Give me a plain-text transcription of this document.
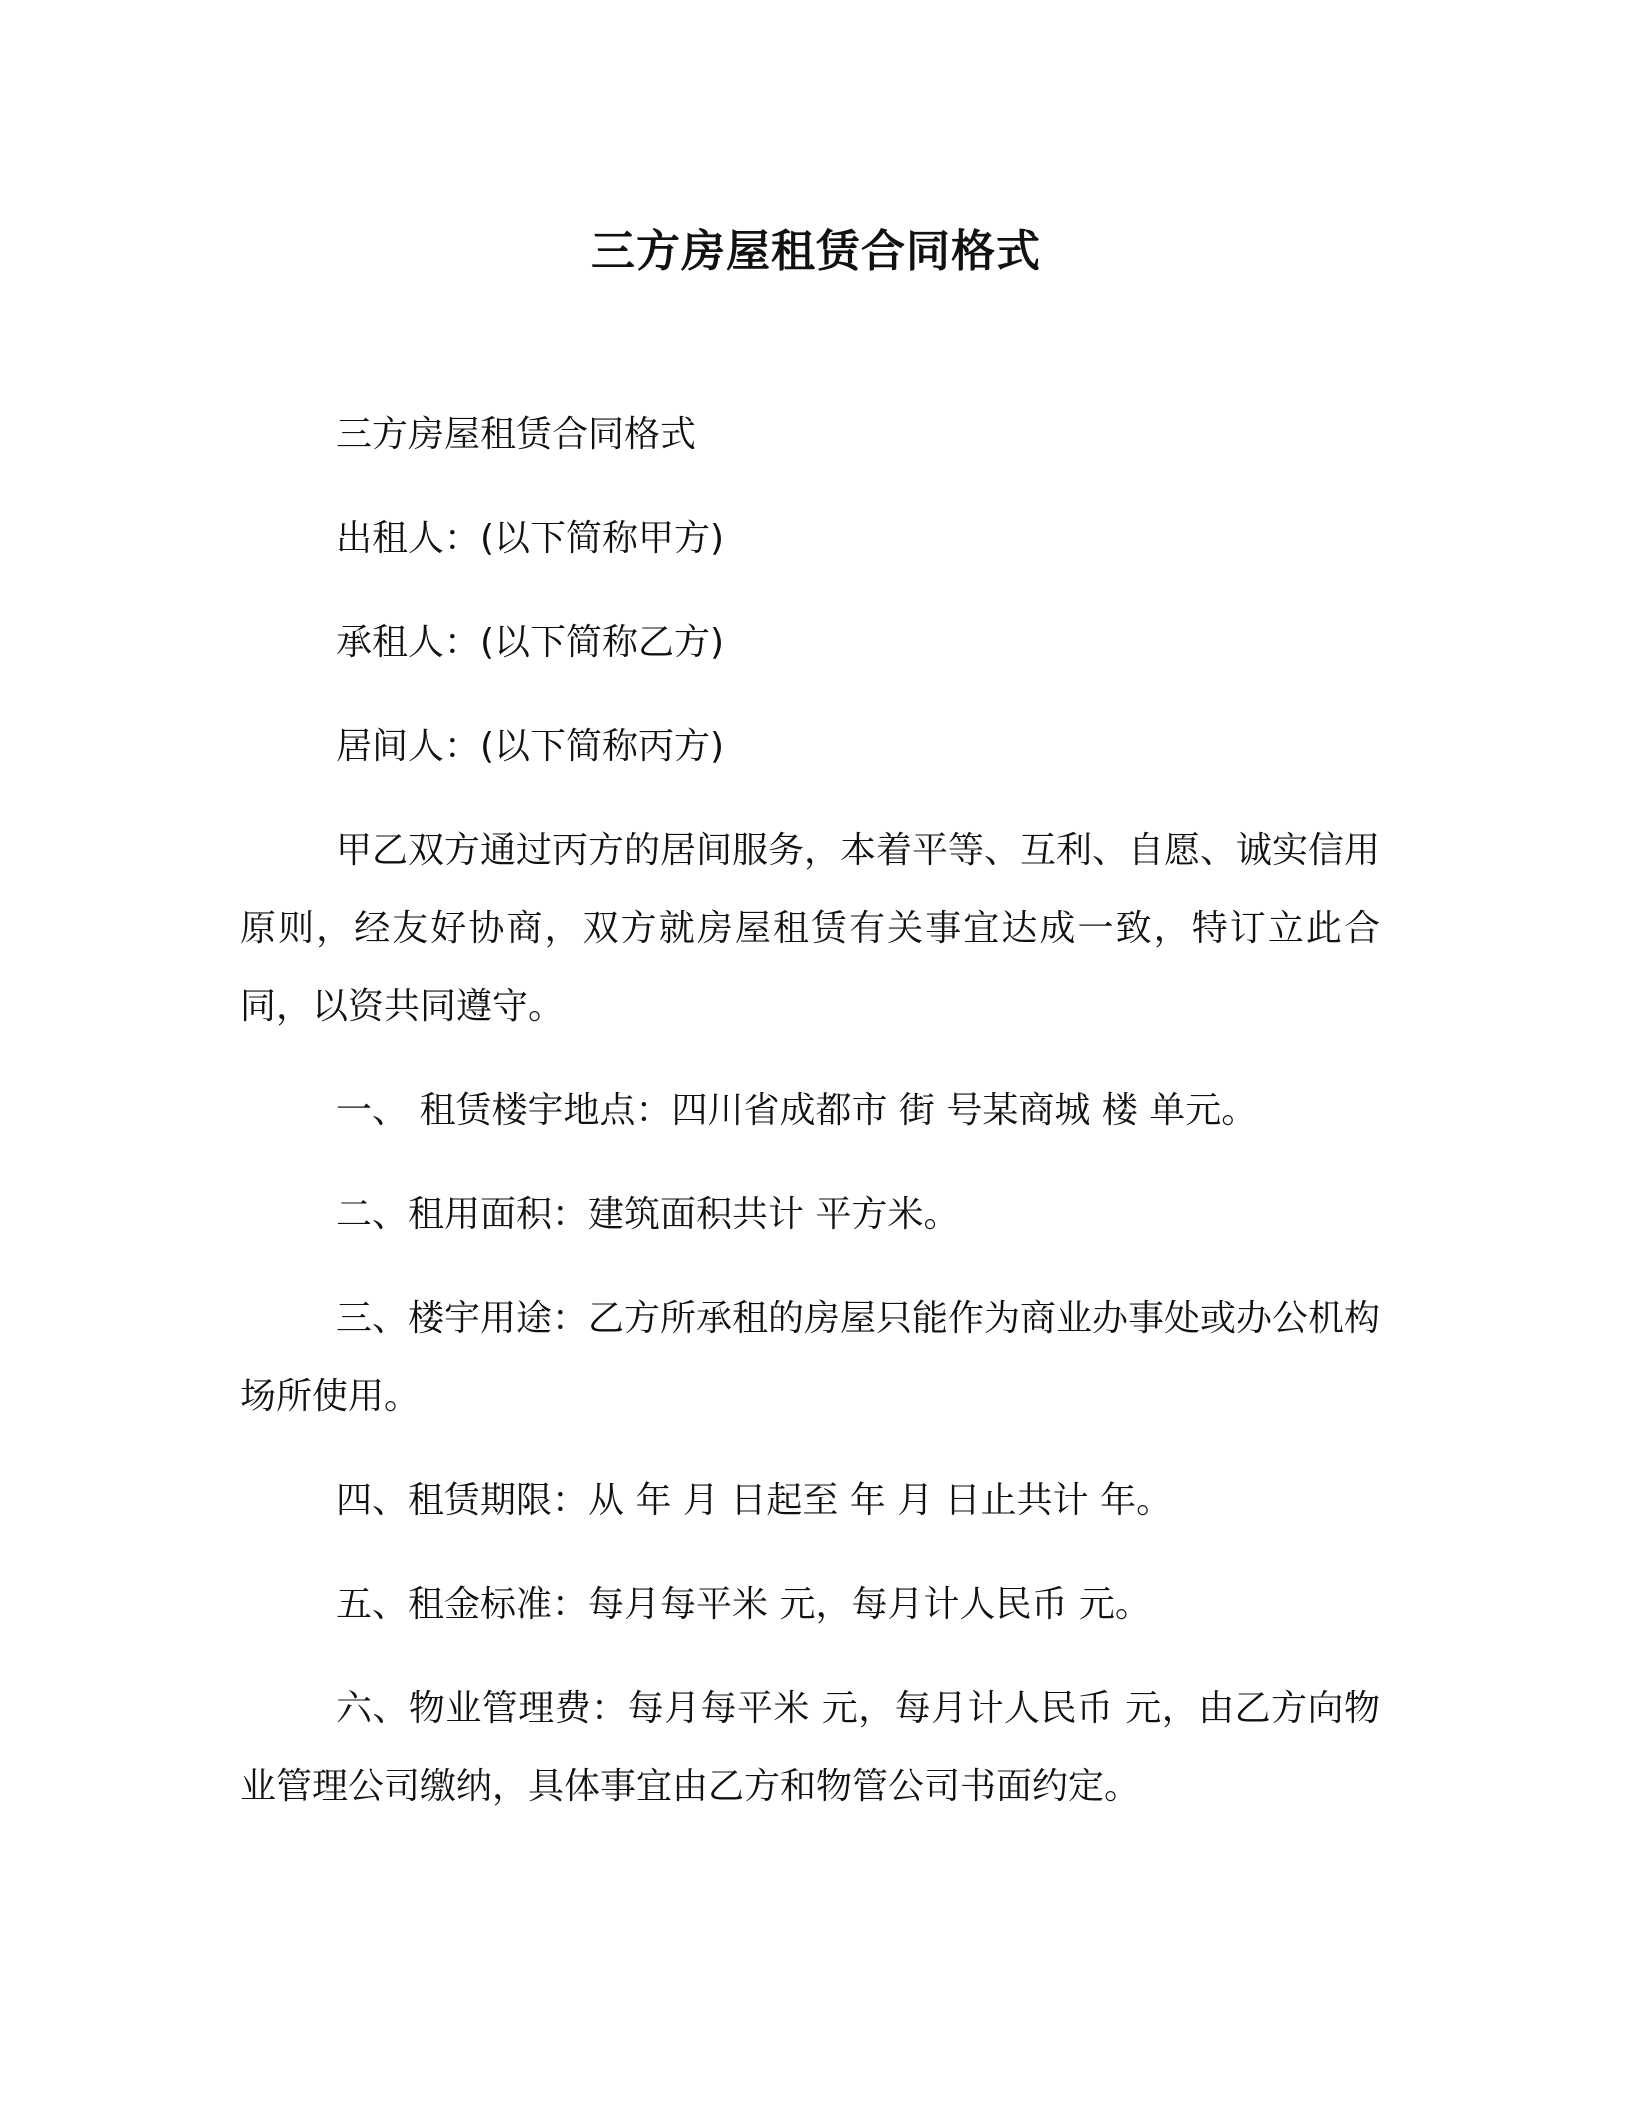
三方房屋租赁合同格式

三方房屋租赁合同格式

出租人：(以下简称甲方)

承租人：(以下简称乙方)

居间人：(以下简称丙方)

甲乙双方通过丙方的居间服务，本着平等、互利、自愿、诚实信用原则，经友好协商，双方就房屋租赁有关事宜达成一致，特订立此合同，以资共同遵守。

一、 租赁楼宇地点：四川省成都市 街 号某商城 楼 单元。

二、租用面积：建筑面积共计 平方米。

三、楼宇用途：乙方所承租的房屋只能作为商业办事处或办公机构场所使用。

四、租赁期限：从 年 月 日起至 年 月 日止共计 年。

五、租金标准：每月每平米 元，每月计人民币 元。

六、物业管理费：每月每平米 元，每月计人民币 元，由乙方向物业管理公司缴纳，具体事宜由乙方和物管公司书面约定。
